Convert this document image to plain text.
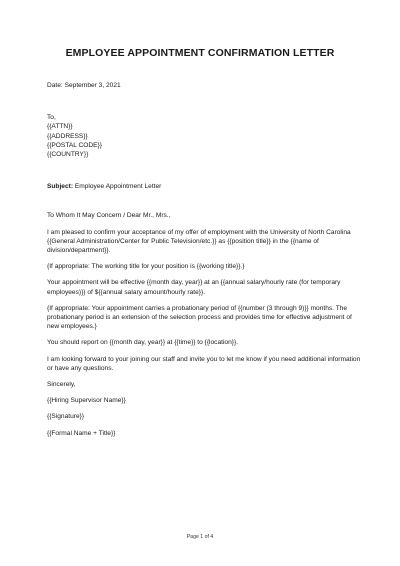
EMPLOYEE APPOINTMENT CONFIRMATION LETTER
Date: September 3, 2021
To,
{{ATTN}}
{{ADDRESS}}
{{POSTAL CODE}}
{{COUNTRY}}
Subject: Employee Appointment Letter
To Whom It May Concern / Dear Mr., Mrs.,
I am pleased to confirm your acceptance of my offer of employment with the University of North Carolina {{General Administration/Center for Public Television/etc.}} as {{position title}} in the {{name of division/department}}.
{If appropriate: The working title for your position is {{working title}}.}
Your appointment will be effective {{month day, year}} at an {{annual salary/hourly rate (for temporary employees)}} of ${{annual salary amount/hourly rate}}.
{If appropriate: Your appointment carries a probationary period of {{number (3 through 9)}} months. The probationary period is an extension of the selection process and provides time for effective adjustment of new employees.}
You should report on {{month day, year}} at {{time}} to {{location}}.
I am looking forward to your joining our staff and invite you to let me know if you need additional information or have any questions.
Sincerely,
{{Hiring Supervisor Name}}
{{Signature}}
{{Formal Name + Title}}
Page 1 of 4
